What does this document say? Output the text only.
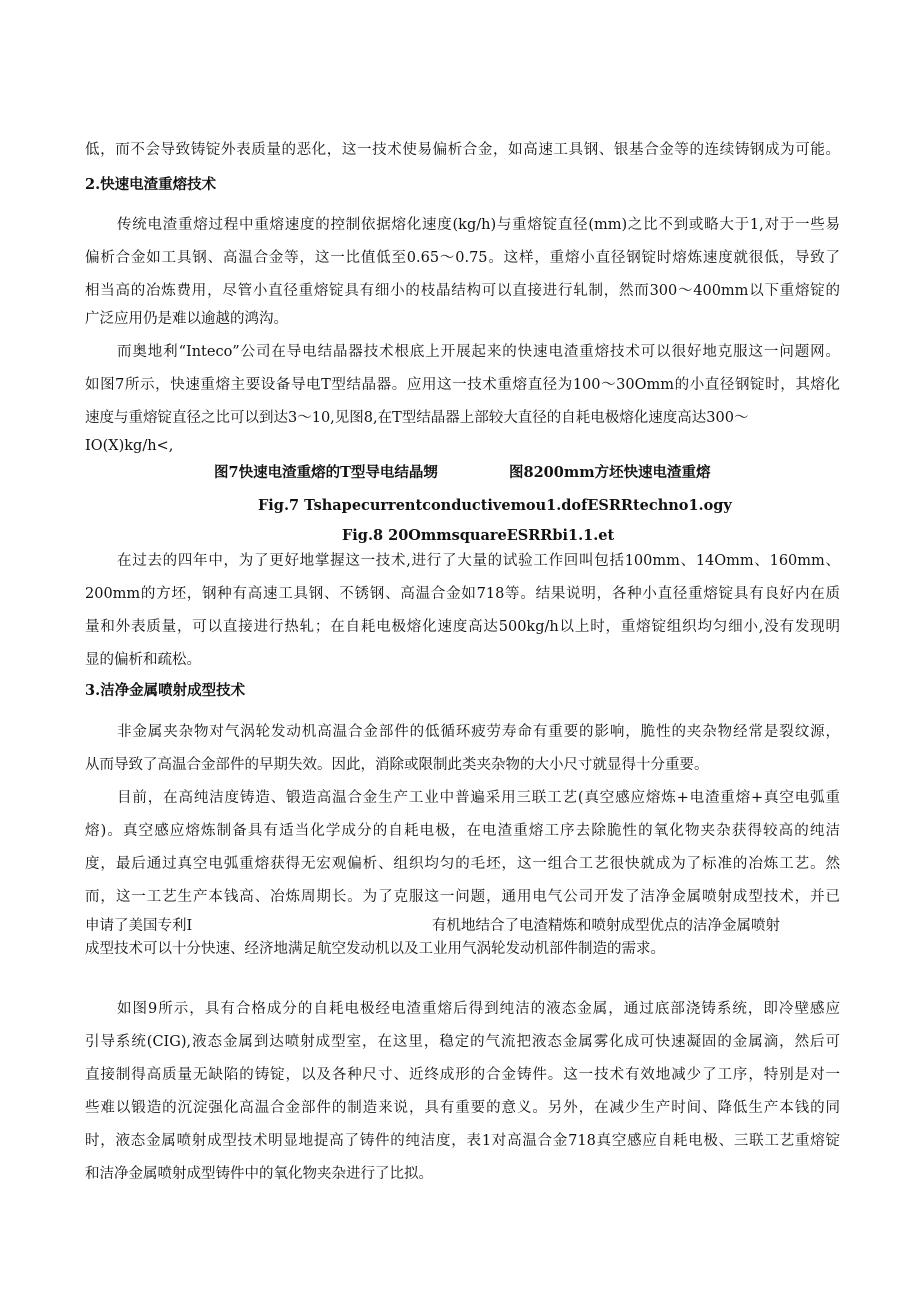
低，而不会导致铸锭外表质量的恶化，这一技术使易偏析合金，如高速工具钢、银基合金等的连续铸钢成为可能。
2.快速电渣重熔技术
传统电渣重熔过程中重熔速度的控制依据熔化速度(kg/h)与重熔锭直径(mm)之比不到或略大于1,对于一些易
偏析合金如工具钢、高温合金等，这一比值低至0.65～0.75。这样，重熔小直径钢锭时熔炼速度就很低，导致了
相当高的冶炼费用，尽管小直径重熔锭具有细小的枝晶结构可以直接进行轧制，然而300～400mm以下重熔锭的
广泛应用仍是难以逾越的鸿沟。
而奥地利“Inteco”公司在导电结晶器技术根底上开展起来的快速电渣重熔技术可以很好地克服这一问题网。
如图7所示，快速重熔主要设备导电T型结晶器。应用这一技术重熔直径为100～30Omm的小直径钢锭时，其熔化
速度与重熔锭直径之比可以到达3～10,见图8,在T型结晶器上部较大直径的自耗电极熔化速度高达300～
IO(X)kg/h<,
图7快速电渣重熔的T型导电结晶甥	图8200mm方坯快速电渣重熔
Fig.7 Tshapecurrentconductivemou1.dofESRRtechno1.ogy
Fig.8 20OmmsquareESRRbi1.1.et
在过去的四年中，为了更好地掌握这一技术,进行了大量的试验工作回叫包括100mm、14Omm、160mm、
200mm的方坯，钢种有高速工具钢、不锈钢、高温合金如718等。结果说明，各种小直径重熔锭具有良好内在质
量和外表质量，可以直接进行热轧；在自耗电极熔化速度高达500kg/h以上时，重熔锭组织均匀细小,没有发现明
显的偏析和疏松。
3.洁净金属喷射成型技术
非金属夹杂物对气涡轮发动机高温合金部件的低循环疲劳寿命有重要的影响，脆性的夹杂物经常是裂纹源，
从而导致了高温合金部件的早期失效。因此，消除或限制此类夹杂物的大小尺寸就显得十分重要。
目前，在高纯洁度铸造、锻造高温合金生产工业中普遍采用三联工艺(真空感应熔炼+电渣重熔+真空电弧重
熔)。真空感应熔炼制备具有适当化学成分的自耗电极，在电渣重熔工序去除脆性的氧化物夹杂获得较高的纯洁
度，最后通过真空电弧重熔获得无宏观偏析、组织均匀的毛坯，这一组合工艺很快就成为了标准的冶炼工艺。然
而，这一工艺生产本钱高、冶炼周期长。为了克服这一问题，通用电气公司开发了洁净金属喷射成型技术，并已
申请了美国专利I	有机地结合了电渣精炼和喷射成型优点的洁净金属喷射
成型技术可以十分快速、经济地满足航空发动机以及工业用气涡轮发动机部件制造的需求。
如图9所示，具有合格成分的自耗电极经电渣重熔后得到纯洁的液态金属，通过底部浇铸系统，即冷壁感应
引导系统(CIG),液态金属到达喷射成型室，在这里，稳定的气流把液态金属雾化成可快速凝固的金属滴，然后可
直接制得高质量无缺陷的铸锭，以及各种尺寸、近终成形的合金铸件。这一技术有效地减少了工序，特别是对一
些难以锻造的沉淀强化高温合金部件的制造来说，具有重要的意义。另外，在减少生产时间、降低生产本钱的同
时，液态金属喷射成型技术明显地提高了铸件的纯洁度，表1对高温合金718真空感应自耗电极、三联工艺重熔锭
和洁净金属喷射成型铸件中的氧化物夹杂进行了比拟。
